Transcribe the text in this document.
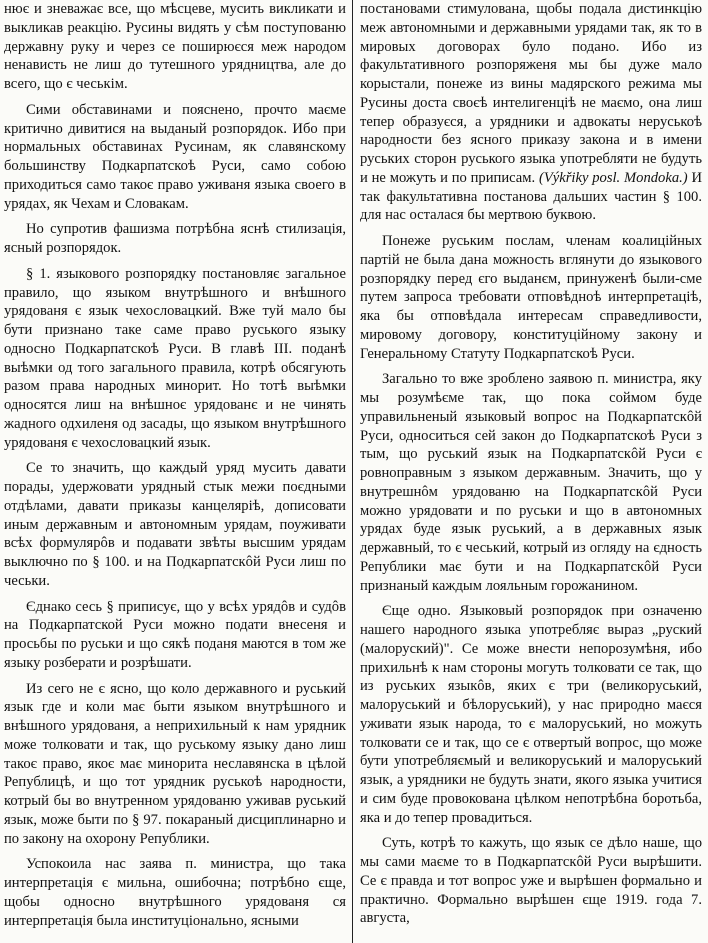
нює и зневажає все, що мѣсцеве, мусить викликати и выкликав реакцію. Русины видять у сѣм поступованю державну руку и через се поширюєся меж народом ненависть не лиш до тутешного урядництва, але до всего, що є чеськім.

Сими обставинами и пояснено, прочто маєме критично дивитися на выданый розпорядок. Ибо при нормальных обставинах Русинам, як славянскому большинству Подкарпатскоѣ Руси, само собою приходиться само такоє право уживаня языка своего в урядах, як Чехам и Словакам.

Но супротив фашизма потрѣбна яснѣ стилизація, ясный розпорядок.

§ 1. языкового розпорядку постановляє загальное правило, що языком внутрѣшного и внѣшного урядованя є язык чехословацкий. Вже туй мало бы бути признано таке саме право руського языку односно Подкарпатскоѣ Руси. В главѣ III. поданѣ выѣмки од того загального правила, котрѣ обсягують разом права народных минорит. Но тотѣ выѣмки односятся лиш на внѣшноє урядованє и не чинять жадного одхиленя од засады, що языком внутрѣшного урядованя є чехословацкий язык.

Се то значить, що каждый уряд мусить давати порады, удержовати урядный стык межи поєдными отдѣлами, давати приказы канцеляріѣ, дописовати иным державным и автономным урядам, поуживати всѣх формулярôв и подавати звѣты высшим урядам выключно по § 100. и на Подкарпатскôй Руси лиш по чеськи.

Єднако сесь § приписує, що у всѣх урядôв и судôв на Подкарпатской Руси можно подати внесеня и просьбы по руськи и що сякѣ поданя маются в том же языку розберати и розрѣшати.

Из сего не є ясно, що коло державного и руський язык где и коли має быти языком внутрѣшного и внѣшного урядованя, а неприхильный к нам урядник може толковати и так, що руському языку дано лиш такоє право, якоє має минорита неславянска в цѣлой Републицѣ, и що тот урядник руськоѣ народности, котрый бы во внутренном урядованю уживав руський язык, може быти по § 97. покараный дисциплинарно и по закону на охорону Републики.

Успокоила нас заява п. министра, що така интерпретація є мильна, ошибочна; потрѣбно єще, щобы односно внутрѣшного урядованя ся интерпретація была институціонально, ясными

постановами стимулована, щобы подала дистинкцію меж автономными и державными урядами так, як то в мировых договорах було подано. Ибо из факультативного розпоряженя мы бы дуже мало корыстали, понеже из вины мадярского режима мы Русины доста своєѣ интелигенціѣ не маємо, она лиш тепер образуєся, а урядники и адвокаты неруськоѣ народности без ясного приказу закона и в имени руських сторон руського языка употребляти не будуть и не можуть и по приписам. (Výkřiky posl. Mondoka.) И так факультативна постанова дальших частин § 100. для нас осталася бы мертвою буквою.

Понеже руським послам, членам коалиційных партій не была дана можность вглянути до языкового розпорядку перед єго выданєм, принуженѣ были-сме путем запроса требовати отповѣдноѣ интерпретаціѣ, яка бы отповѣдала интересам справедливости, мировому договору, конституційному закону и Генеральному Статуту Подкарпатскоѣ Руси.

Загально то вже зроблено заявою п. министра, яку мы розумѣєме так, що пока соймом буде управильненый языковый вопрос на Подкарпатскôй Руси, односиться сей закон до Подкарпатскоѣ Руси з тым, що руський язык на Подкарпатскôй Руси є ровноправным з языком державным. Значить, що у внутрешнôм урядованю на Подкарпатскôй Руси можно урядовати и по руськи и що в автономных урядах буде язык руський, а в державных язык державный, то є чеський, котрый из огляду на єдность Републики має бути и на Подкарпатскôй Руси признаный каждым лояльным горожанином.

Єще одно. Языковый розпорядок при означеню нашего народного языка употребляє выраз „руский (малоруский)". Се може внести непорозумѣня, ибо прихильнѣ к нам стороны могуть толковати се так, що из руських языкôв, яких є три (великоруський, малоруський и бѣлоруський), у нас природно маєся уживати язык народа, то є малоруський, но можуть толковати се и так, що се є отвертый вопрос, що може бути употребляємый и великоруський и малоруський язык, а урядники не будуть знати, якого языка учитися и сим буде провокована цѣлком непотрѣбна боротьба, яка и до тепер провадиться.

Суть, котрѣ то кажуть, що язык се дѣло наше, що мы сами маєме то в Подкарпатскôй Руси вырѣшити. Се є правда и тот вопрос уже и вырѣшен формально и практично. Формально вырѣшен єще 1919. года 7. августа,
